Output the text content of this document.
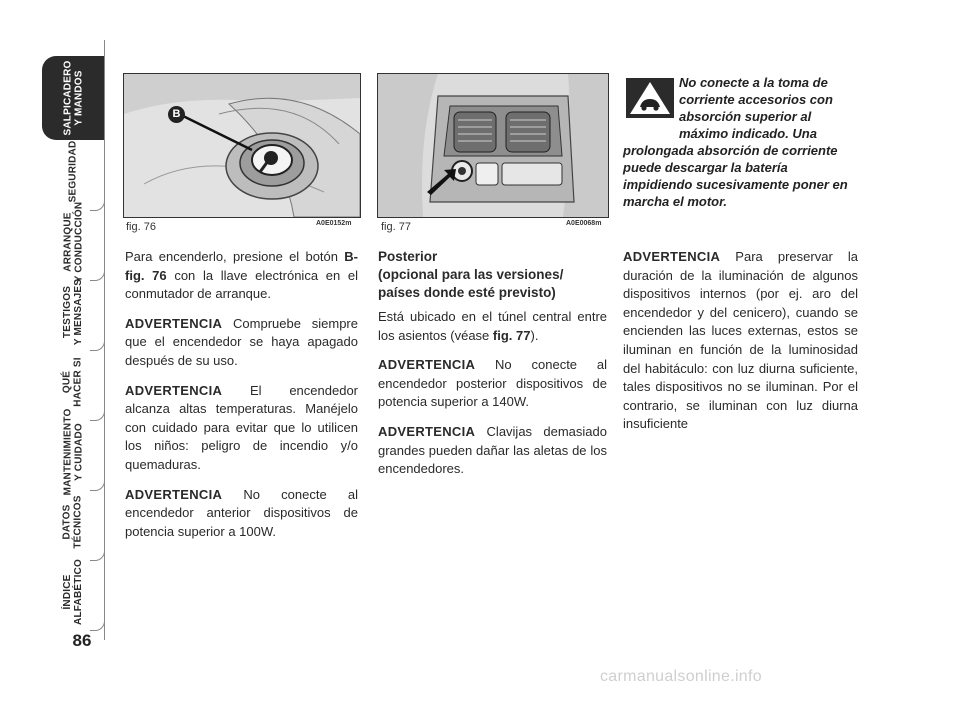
SALPICADERO
Y MANDOS
SEGURIDAD
ARRANQUE
Y CONDUCCIÓN
TESTIGOS
Y MENSAJES
QUÉ
HACER SI
MANTENIMIENTO
Y CUIDADO
DATOS
TÉCNICOS
ÍNDICE
ALFABÉTICO
86
B
fig. 76	A0E0152m	fig. 77	A0E0068m

Para encenderlo, presione el botón B-fig. 76 con la llave electrónica en el conmutador de arranque.

ADVERTENCIA Compruebe siempre que el encendedor se haya apagado después de su uso.

ADVERTENCIA El encendedor alcanza altas temperaturas. Manéjelo con cuidado para evitar que lo utilicen los niños: peligro de incendio y/o quemaduras.

ADVERTENCIA No conecte al encendedor anterior dispositivos de potencia superior a 100W.

Posterior
(opcional para las versiones/ países donde esté previsto)

Está ubicado en el túnel central entre los asientos (véase fig. 77).

ADVERTENCIA No conecte al encendedor posterior dispositivos de potencia superior a 140W.

ADVERTENCIA Clavijas demasiado grandes pueden dañar las aletas de los encendedores.

No conecte a la toma de corriente accesorios con absorción superior al máximo indicado. Una prolongada absorción de corriente puede descargar la batería impidiendo sucesivamente poner en marcha el motor.

ADVERTENCIA Para preservar la duración de la iluminación de algunos dispositivos internos (por ej. aro del encendedor y del cenicero), cuando se encienden las luces externas, estos se iluminan en función de la luminosidad del habitáculo: con luz diurna suficiente, tales dispositivos no se iluminan. Por el contrario, se iluminan con luz diurna insuficiente

carmanualsonline.info
